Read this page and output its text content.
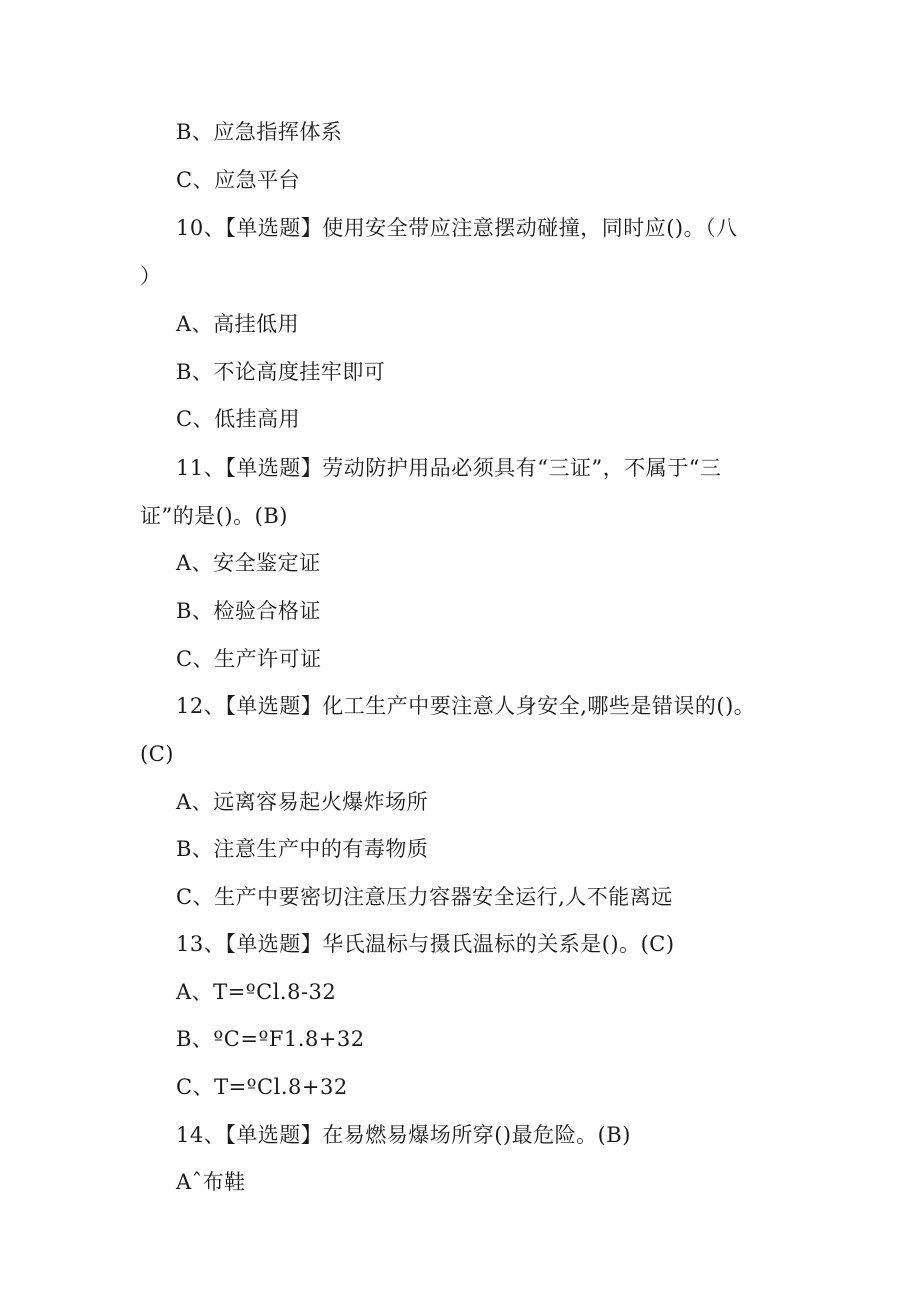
B、应急指挥体系
C、应急平台
10、【单选题】使用安全带应注意摆动碰撞，同时应()。（八
）
A、高挂低用
B、不论高度挂牢即可
C、低挂高用
11、【单选题】劳动防护用品必须具有“三证”，不属于“三
证”的是()。(B)
A、安全鉴定证
B、检验合格证
C、生产许可证
12、【单选题】化工生产中要注意人身安全,哪些是错误的()。
(C)
A、远离容易起火爆炸场所
B、注意生产中的有毒物质
C、生产中要密切注意压力容器安全运行,人不能离远
13、【单选题】华氏温标与摄氏温标的关系是()。(C)
A、T=ºCl.8-32
B、ºC=ºF1.8+32
C、T=ºCl.8+32
14、【单选题】在易燃易爆场所穿()最危险。(B)
Aˆ布鞋
